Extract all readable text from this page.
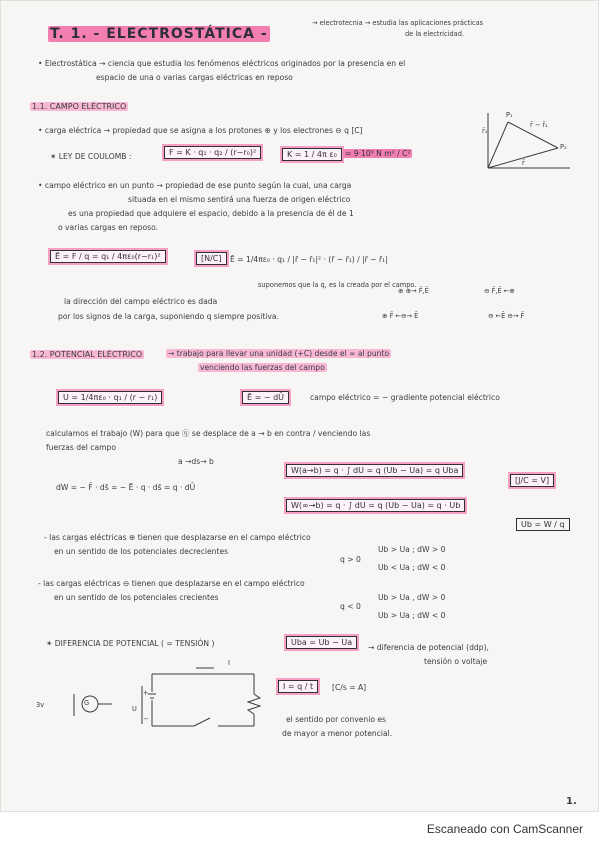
T. 1. - ELECTROSTÁTICA -
→ electrotecnia → estudia las aplicaciones prácticas
de la electricidad.
• Electrostática → ciencia que estudia los fenómenos eléctricos originados por la presencia en el
espacio de una o varias cargas eléctricas en reposo
1.1. CAMPO ELÉCTRICO
• carga eléctrica → propiedad que se asigna a los protones ⊕ y los electrones ⊖ q [C]
✶ LEY DE COULOMB :	F = K · q₁ · q₂ / (r−r₀)²	K = 1 / 4π ε₀	= 9·10⁹ N m² / C²
P₁
P₂
r̄ − r̄₁
r̄₁
r̄
• campo eléctrico en un punto → propiedad de ese punto según la cual, una carga
situada en el mismo sentirá una fuerza de origen eléctrico
es una propiedad que adquiere el espacio, debido a la presencia de él de 1
o varias cargas en reposo.
Ē = F / q = q₁ / 4πε₀(r−r₁)²	[N/C]	Ē = 1/4πε₀ · q₁ / |r̄ − r̄₁|² · (r̄ − r̄₁) / |r̄ − r̄₁|
suponemos que la q, es la creada por el campo.
la dirección del campo eléctrico es dada
por los signos de la carga, suponiendo q siempre positiva.
⊕ ⊕→ F̄,Ē	⊖ F̄,Ē ←⊕
⊕ F̄ ←⊖→ Ē	⊖ ←Ē ⊖→ F̄
1.2. POTENCIAL ELÉCTRICO	→ trabajo para llevar una unidad (+C) desde el ∞ al punto
venciendo las fuerzas del campo
U = 1/4πε₀ · q₁ / (r − r₁)	Ē = − dŪ	campo eléctrico = − gradiente potencial eléctrico
calculamos el trabajo (W) para que ⓠ se desplace de a → b en contra / venciendo las
fuerzas del campo
a →ds→ b
dW = − F̄ · ds̄ = − Ē · q · ds̄ = q · dŪ
W(a→b) = q · ∫ dU = q (Ub − Ua) = q Uba
W(∞→b) = q · ∫ dU = q (Ub − Ua) = q · Ub
[J/C = V]
Ub = W / q
- las cargas eléctricas ⊕ tienen que desplazarse en el campo eléctrico
en un sentido de los potenciales decrecientes
q > 0
Ub > Ua ; dW > 0
Ub < Ua ; dW < 0
- las cargas eléctricas ⊖ tienen que desplazarse en el campo eléctrico
en un sentido de los potenciales crecientes
q < 0
Ub > Ua , dW > 0
Ub > Ua ; dW < 0
✶ DIFERENCIA DE POTENCIAL ( = TENSIÓN )	Uba = Ub − Ua
→ diferencia de potencial (ddp),
tensión o voltaje
3v	G
U
+
−
I
I = q / t	[C/s = A]
el sentido por convenio es
de mayor a menor potencial.
1.
Escaneado con CamScanner
